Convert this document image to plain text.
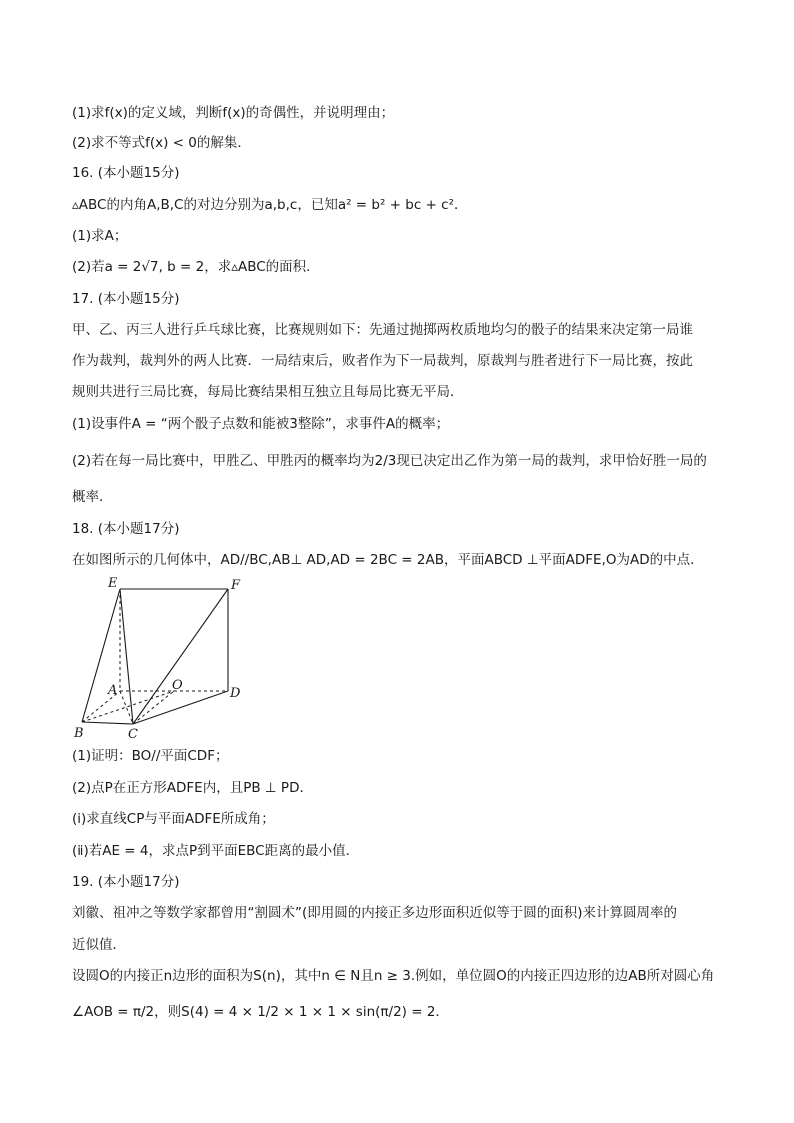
(1)求f(x)的定义域，判断f(x)的奇偶性，并说明理由；
(2)求不等式f(x) < 0的解集．
16. (本小题15分)
▵ABC的内角A,B,C的对边分别为a,b,c，已知a² = b² + bc + c²．
(1)求A；
(2)若a = 2√7, b = 2，求▵ABC的面积．
17. (本小题15分)
甲、乙、丙三人进行乒乓球比赛，比赛规则如下：先通过抛掷两枚质地均匀的骰子的结果来决定第一局谁
作为裁判，裁判外的两人比赛．一局结束后，败者作为下一局裁判，原裁判与胜者进行下一局比赛，按此
规则共进行三局比赛，每局比赛结果相互独立且每局比赛无平局．
(1)设事件A = “两个骰子点数和能被3整除”，求事件A的概率；
(2)若在每一局比赛中，甲胜乙、甲胜丙的概率均为2/3现已决定出乙作为第一局的裁判，求甲恰好胜一局的
概率．
18. (本小题17分)
在如图所示的几何体中，AD//BC,AB⊥ AD,AD = 2BC = 2AB，平面ABCD ⊥平面ADFE,O为AD的中点．
E	F
A	O
D
B	C
(1)证明：BO//平面CDF；
(2)点P在正方形ADFE内，且PB ⊥ PD．
(ⅰ)求直线CP与平面ADFE所成角；
(ⅱ)若AE = 4，求点P到平面EBC距离的最小值．
19. (本小题17分)
刘徽、祖冲之等数学家都曾用“割圆术”(即用圆的内接正多边形面积近似等于圆的面积)来计算圆周率的
近似值．
设圆O的内接正n边形的面积为S(n)，其中n ∈ N且n ≥ 3.例如，单位圆O的内接正四边形的边AB所对圆心角
∠AOB = π/2，则S(4) = 4 × 1/2 × 1 × 1 × sin(π/2) = 2．
